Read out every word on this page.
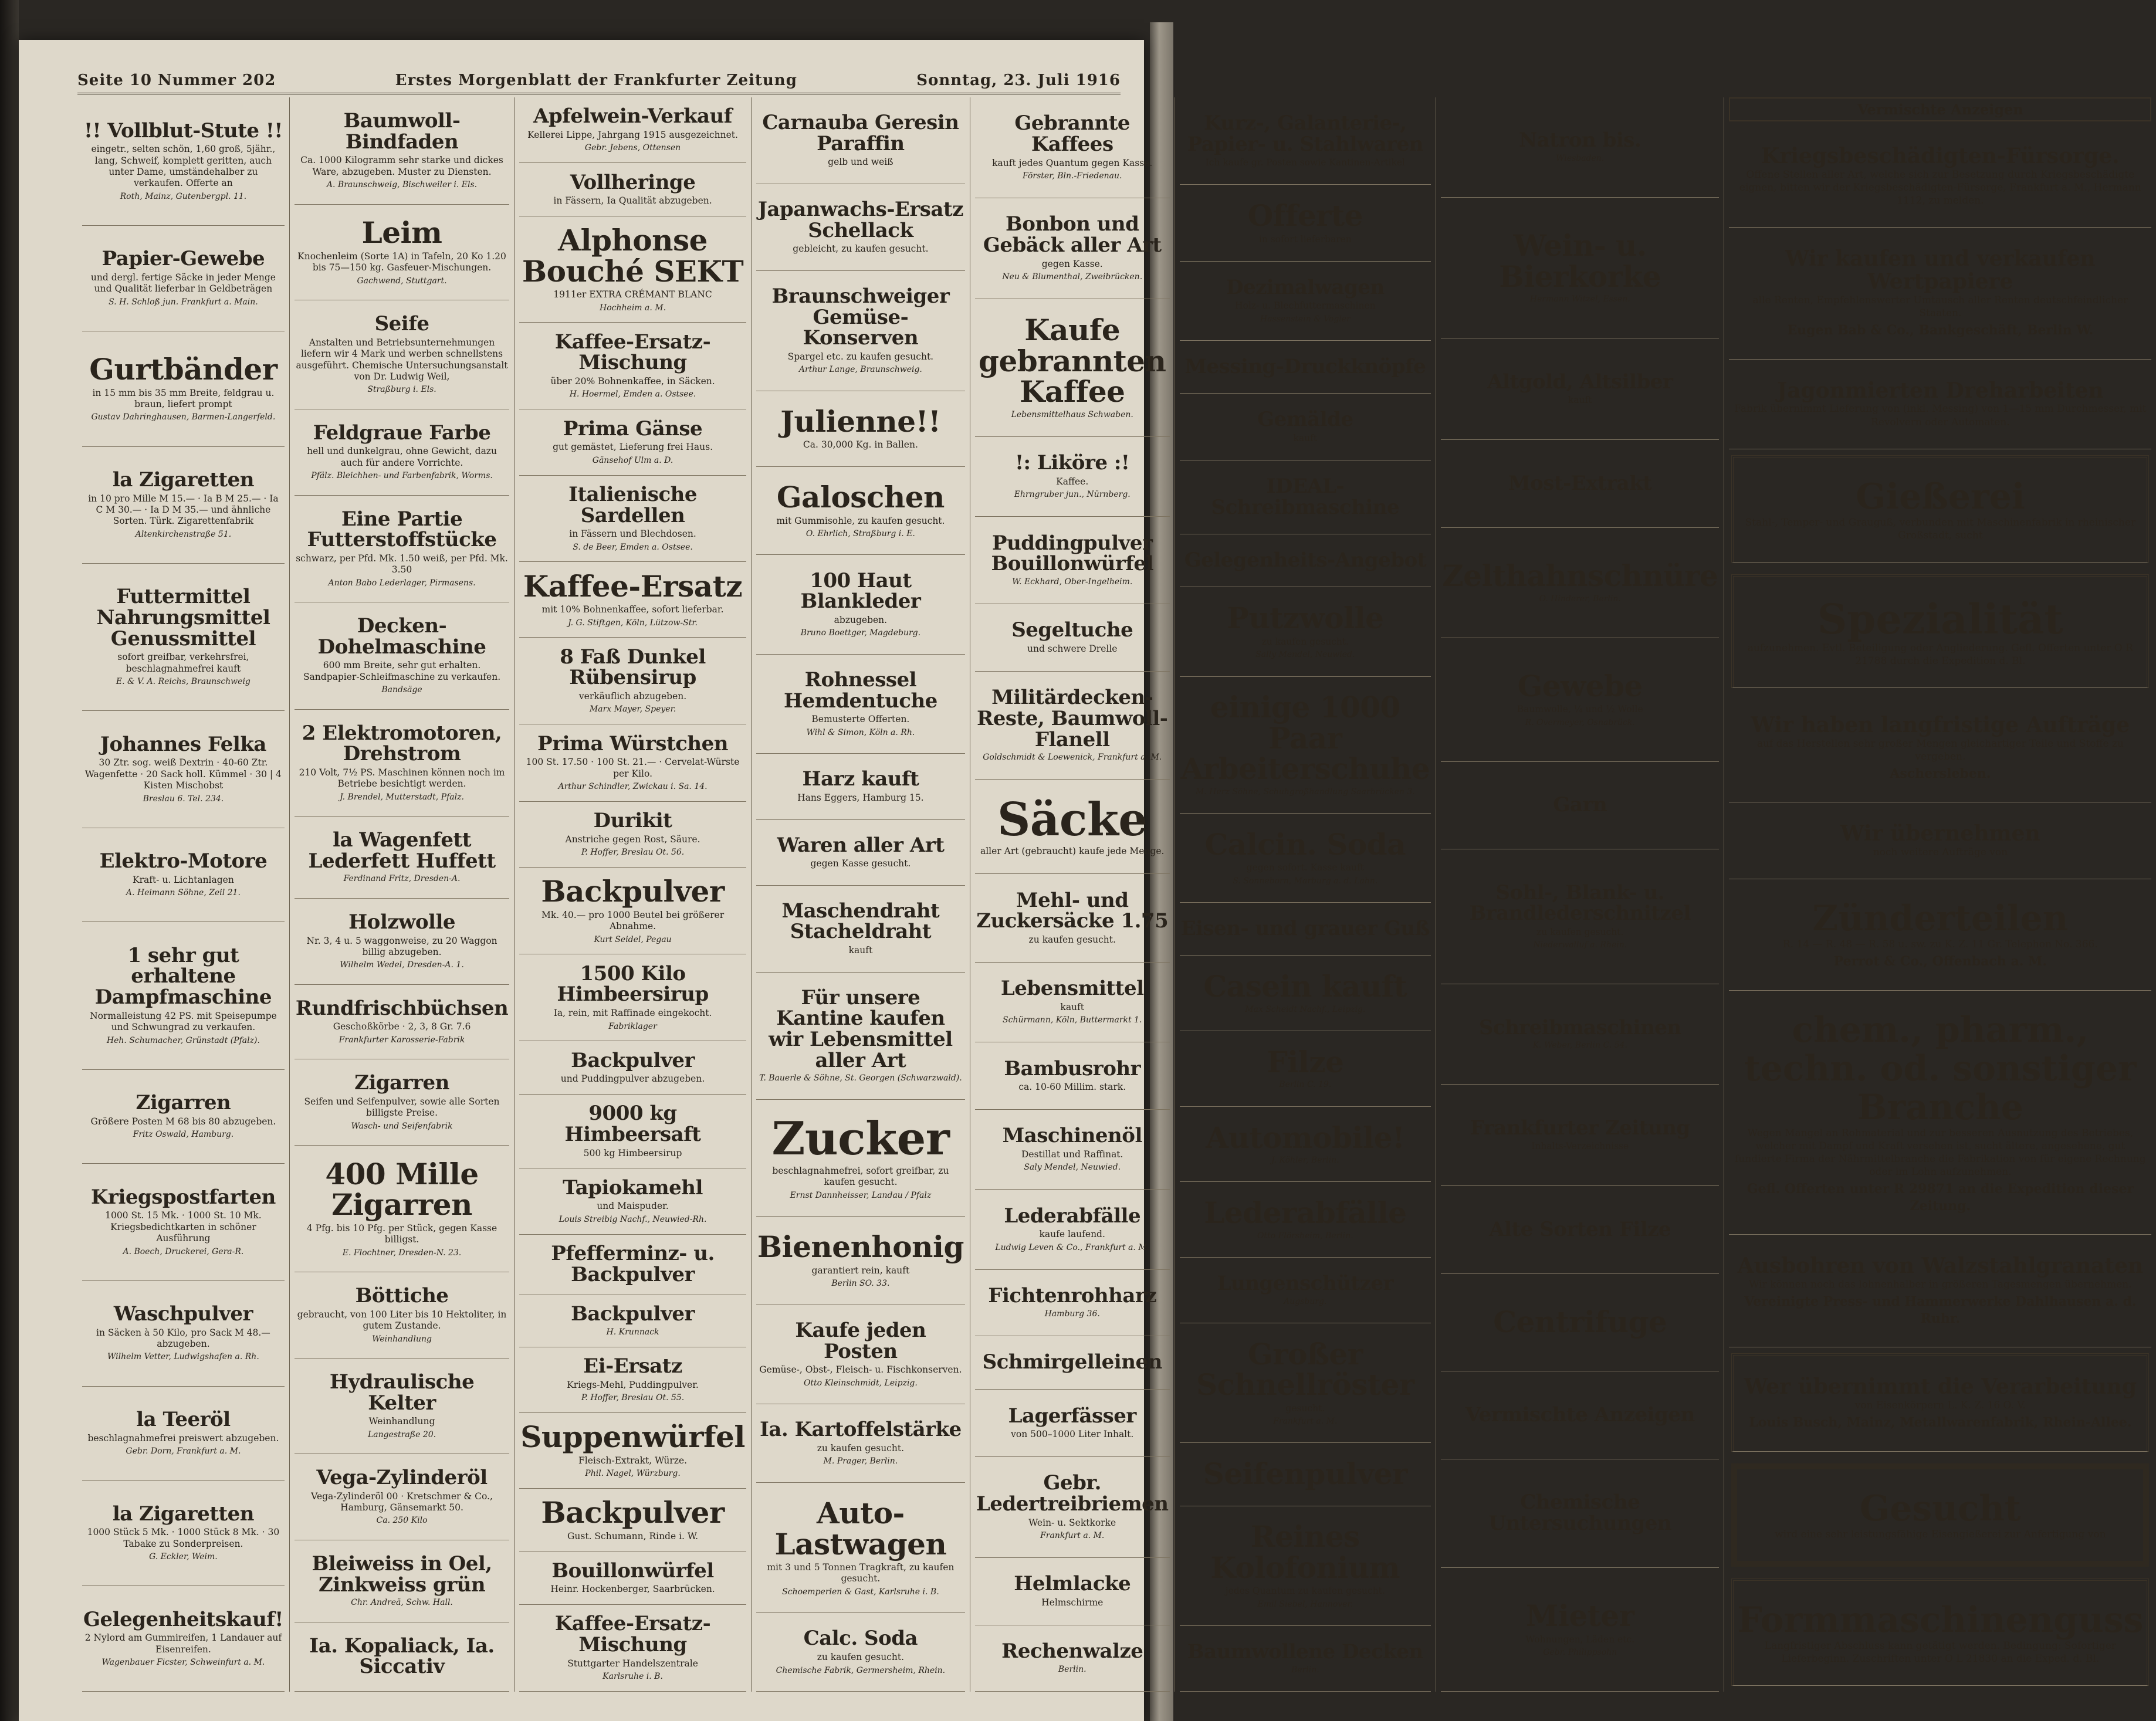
Seite 10 Nummer 202	Erstes Morgenblatt der Frankfurter Zeitung	Sonntag, 23. Juli 1916
!! Vollblut-Stute !!
eingetr., selten schön, 1,60 groß, 5jähr., lang, Schweif, komplett geritten, auch unter Dame, umständehalber zu verkaufen. Offerte an
Roth, Mainz, Gutenbergpl. 11.
Papier-Gewebe
und dergl. fertige Säcke in jeder Menge und Qualität lieferbar in Geldbeträgen
S. H. Schloß jun. Frankfurt a. Main.
Gurtbänder
in 15 mm bis 35 mm Breite, feldgrau u. braun, liefert prompt
Gustav Dahringhausen, Barmen-Langerfeld.
la Zigaretten
in 10 pro Mille M 15.— · Ia B M 25.— · Ia C M 30.— · Ia D M 35.— und ähnliche Sorten. Türk. Zigarettenfabrik
Altenkirchenstraße 51.
Futtermittel Nahrungsmittel Genussmittel
sofort greifbar, verkehrsfrei, beschlagnahmefrei kauft
E. & V. A. Reichs, Braunschweig
Johannes Felka
30 Ztr. sog. weiß Dextrin · 40-60 Ztr. Wagenfette · 20 Sack holl. Kümmel · 30 | 4 Kisten Mischobst
Breslau 6. Tel. 234.
Elektro-Motore
Kraft- u. Lichtanlagen
A. Heimann Söhne, Zeil 21.
1 sehr gut erhaltene Dampfmaschine
Normalleistung 42 PS. mit Speisepumpe und Schwungrad zu verkaufen.
Heh. Schumacher, Grünstadt (Pfalz).
Zigarren
Größere Posten M 68 bis 80 abzugeben.
Fritz Oswald, Hamburg.
Kriegspostfarten
1000 St. 15 Mk. · 1000 St. 10 Mk. Kriegsbedichtkarten in schöner Ausführung
A. Boech, Druckerei, Gera-R.
Waschpulver
in Säcken à 50 Kilo, pro Sack M 48.— abzugeben.
Wilhelm Vetter, Ludwigshafen a. Rh.
la Teeröl
beschlagnahmefrei preiswert abzugeben.
Gebr. Dorn, Frankfurt a. M.
la Zigaretten
1000 Stück 5 Mk. · 1000 Stück 8 Mk. · 30 Tabake zu Sonderpreisen.
G. Eckler, Weim.
Gelegenheitskauf!
2 Nylord am Gummireifen, 1 Landauer auf Eisenreifen.
Wagenbauer Ficster, Schweinfurt a. M.
Baumwoll-Bindfaden
Ca. 1000 Kilogramm sehr starke und dickes Ware, abzugeben. Muster zu Diensten.
A. Braunschweig, Bischweiler i. Els.
Leim
Knochenleim (Sorte 1A) in Tafeln, 20 Ko 1.20 bis 75—150 kg. Gasfeuer-Mischungen.
Gachwend, Stuttgart.
Seife
Anstalten und Betriebsunternehmungen liefern wir 4 Mark und werben schnellstens ausgeführt. Chemische Untersuchungsanstalt von Dr. Ludwig Weil,
Straßburg i. Els.
Feldgraue Farbe
hell und dunkelgrau, ohne Gewicht, dazu auch für andere Vorrichte.
Pfälz. Bleichhen- und Farbenfabrik, Worms.
Eine Partie Futterstoffstücke
schwarz, per Pfd. Mk. 1.50 weiß, per Pfd. Mk. 3.50
Anton Babo Lederlager, Pirmasens.
Decken-Dohelmaschine
600 mm Breite, sehr gut erhalten. Sandpapier-Schleifmaschine zu verkaufen.
Bandsäge
2 Elektromotoren, Drehstrom
210 Volt, 7½ PS. Maschinen können noch im Betriebe besichtigt werden.
J. Brendel, Mutterstadt, Pfalz.
la Wagenfett Lederfett Huffett
Ferdinand Fritz, Dresden-A.
Holzwolle
Nr. 3, 4 u. 5 waggonweise, zu 20 Waggon billig abzugeben.
Wilhelm Wedel, Dresden-A. 1.
Rundfrischbüchsen
Geschoßkörbe · 2, 3, 8 Gr. 7.6
Frankfurter Karosserie-Fabrik
Zigarren
Seifen und Seifenpulver, sowie alle Sorten billigste Preise.
Wasch- und Seifenfabrik
400 Mille Zigarren
4 Pfg. bis 10 Pfg. per Stück, gegen Kasse billigst.
E. Flochtner, Dresden-N. 23.
Böttiche
gebraucht, von 100 Liter bis 10 Hektoliter, in gutem Zustande.
Weinhandlung
Hydraulische Kelter
Weinhandlung
Langestraße 20.
Vega-Zylinderöl
Vega-Zylinderöl 00 · Kretschmer & Co., Hamburg, Gänsemarkt 50.
Ca. 250 Kilo
Bleiweiss in Oel, Zinkweiss grün
Chr. Andreä, Schw. Hall.
Ia. Kopaliack, Ia. Siccativ
Apfelwein-Verkauf
Kellerei Lippe, Jahrgang 1915 ausgezeichnet.
Gebr. Jebens, Ottensen
Vollheringe
in Fässern, Ia Qualität abzugeben.
Alphonse Bouché SEKT
1911er EXTRA CRÉMANT BLANC
Hochheim a. M.
Kaffee-Ersatz-Mischung
über 20% Bohnenkaffee, in Säcken.
H. Hoermel, Emden a. Ostsee.
Prima Gänse
gut gemästet, Lieferung frei Haus.
Gänsehof Ulm a. D.
Italienische Sardellen
in Fässern und Blechdosen.
S. de Beer, Emden a. Ostsee.
Kaffee-Ersatz
mit 10% Bohnenkaffee, sofort lieferbar.
J. G. Stiftgen, Köln, Lützow-Str.
8 Faß Dunkel Rübensirup
verkäuflich abzugeben.
Marx Mayer, Speyer.
Prima Würstchen
100 St. 17.50 · 100 St. 21.— · Cervelat-Würste per Kilo.
Arthur Schindler, Zwickau i. Sa. 14.
Durikit
Anstriche gegen Rost, Säure.
P. Hoffer, Breslau Ot. 56.
Backpulver
Mk. 40.— pro 1000 Beutel bei größerer Abnahme.
Kurt Seidel, Pegau
1500 Kilo Himbeersirup
Ia, rein, mit Raffinade eingekocht.
Fabriklager
Backpulver
und Puddingpulver abzugeben.
9000 kg Himbeersaft
500 kg Himbeersirup
Tapiokamehl
und Maispuder.
Louis Streibig Nachf., Neuwied-Rh.
Pfefferminz- u. Backpulver
Backpulver
H. Krunnack
Ei-Ersatz
Kriegs-Mehl, Puddingpulver.
P. Hoffer, Breslau Ot. 55.
Suppenwürfel
Fleisch-Extrakt, Würze.
Phil. Nagel, Würzburg.
Backpulver
Gust. Schumann, Rinde i. W.
Bouillonwürfel
Heinr. Hockenberger, Saarbrücken.
Kaffee-Ersatz-Mischung
Stuttgarter Handelszentrale
Karlsruhe i. B.
Carnauba Geresin Paraffin
gelb und weiß
Japanwachs-Ersatz Schellack
gebleicht, zu kaufen gesucht.
Braunschweiger Gemüse-Konserven
Spargel etc. zu kaufen gesucht.
Arthur Lange, Braunschweig.
Julienne!!
Ca. 30,000 Kg. in Ballen.
Galoschen
mit Gummisohle, zu kaufen gesucht.
O. Ehrlich, Straßburg i. E.
100 Haut Blankleder
abzugeben.
Bruno Boettger, Magdeburg.
Rohnessel Hemdentuche
Bemusterte Offerten.
Wihl & Simon, Köln a. Rh.
Harz kauft
Hans Eggers, Hamburg 15.
Waren aller Art
gegen Kasse gesucht.
Maschendraht Stacheldraht
kauft
Für unsere Kantine kaufen wir Lebensmittel aller Art
T. Bauerle & Söhne, St. Georgen (Schwarzwald).
Zucker
beschlagnahmefrei, sofort greifbar, zu kaufen gesucht.
Ernst Dannheisser, Landau / Pfalz
Bienenhonig
garantiert rein, kauft
Berlin SO. 33.
Kaufe jeden Posten
Gemüse-, Obst-, Fleisch- u. Fischkonserven.
Otto Kleinschmidt, Leipzig.
Ia. Kartoffelstärke
zu kaufen gesucht.
M. Prager, Berlin.
Auto-Lastwagen
mit 3 und 5 Tonnen Tragkraft, zu kaufen gesucht.
Schoemperlen & Gast, Karlsruhe i. B.
Calc. Soda
zu kaufen gesucht.
Chemische Fabrik, Germersheim, Rhein.
Gebrannte Kaffees
kauft jedes Quantum gegen Kasse.
Förster, Bln.-Friedenau.
Bonbon und Gebäck aller Art
gegen Kasse.
Neu & Blumenthal, Zweibrücken.
Kaufe gebrannten Kaffee
Lebensmittelhaus Schwaben.
!: Liköre :!
Kaffee.
Ehrngruber jun., Nürnberg.
Puddingpulver Bouillonwürfel
W. Eckhard, Ober-Ingelheim.
Segeltuche
und schwere Drelle
Militärdecken-Reste, Baumwoll-Flanell
Goldschmidt & Loewenick, Frankfurt a. M.
Säcke
aller Art (gebraucht) kaufe jede Menge.
Mehl- und Zuckersäcke 1.75
zu kaufen gesucht.
Lebensmittel
kauft
Schürmann, Köln, Buttermarkt 1.
Bambusrohr
ca. 10-60 Millim. stark.
Maschinenöl
Destillat und Raffinat.
Saly Mendel, Neuwied.
Lederabfälle
kaufe laufend.
Ludwig Leven & Co., Frankfurt a. M.
Fichtenrohharz
Hamburg 36.
Schmirgelleinen
Lagerfässer
von 500–1000 Liter Inhalt.
Gebr. Ledertreibriemen
Wein- u. Sektkorke
Frankfurt a. M.
Helmlacke
Helmschirme
Rechenwalze
Berlin.
Kurz-, Galanterie-, Papier- u. Stahlwaren
Ich kaufe gr. Posten sowie Kantinen-Artikel
Offerte
in sofort lieferbaren
Dezimalwagen
Holz- u. Blechfuttermaschinen
Hassenstein & Vogler
Messing-Druckknöpfe
Gemälde
kauft
IDEAL-Schreibmaschine
Gelegenheits-Angebot
Putzwolle
zu kaufen gesucht.
Sally Mendel, Neuwied.
einige 1000 Paar Arbeiterschuhe
M. Herz Söhne, Schuhgroßhandlung Saarbrücken 3.
Calcin. Soda
gegen sofort. Kasse kauft
S. Sonneborn, Marburg a. d. Lahn.
Eisen- und grauer Guß
Casein kauft
Max Scheidt Nachf., Leipzig.
Filze
Berlin C. 19.
Automobile!
J. Köhler, Berlin.
Lederabfälle
Otto Flörsheim, Berlin.
Lungenschützer
Augsburg.
Großer Schnellröster
gesucht.
Frankfurt a. M.
Seifenpulver
Reines Kolofonium
jedes Quantum zu kaufen gesucht.
Emil Siebel, Hannover.
Baumwollene Decken
Berlin.
Natron bis.
Wiesbaden.
Wein- u. Bierkorke
Hermann Witzel, Essen.
Altgold, Altsilber
kauft
Most-Extrakt
Zelthahnschnüre
O. Hinderer, Berlin.
Gewebe
Baumwolle, ¼ und ½ Wolle
R. Overmeyer, Osnabrück.
Garn
Sohl-, Blank- u. Brandlederschnitzel
zu kaufen gesucht.
Niederwalluf a. Rhein.
Schreibmaschinen
K. Weber, Berlin C. 54.
Frankfurter Zeitung
Inhalts-Verzeichnisse
Alte Sorten Filze
Centrifuge
Vermischte Anzeigen
Chemische Untersuchungen
Mieter
Wohnungen, Läden etc.
Gebr. Philippsohn
Vermischte Anzeigen
Kriegsbeschädigten-Fürsorge.
Offene Stellen aller Art, welche sich zur Besetzung durch Kriegsbeschädigte eignen, bitten wir der Kriegsbeschädigten-Fürsorge, Frankfurt a. M., Hermann 1112, zu melden.
Wir kaufen und verkaufen Wertpapiere
alle Renten, Empfehlenswerter Umtausch aller Renten deutschfeindlicher Staaten.
Eugen Bab & Co., Bankgeschäft, Berlin W.
Jagonmierten Dreharbeiten
Fabrik übernimmt Lieferung von (inkl. Messing) von 1—15 mm Durchmesser, mit Revolvern oder Automaten.
Gießerei
Stahl-, Temper- und Grauguß, verbunden mit Maschinenfabrik in rheinischer Großstadt, sucht
Spezialität
aufzunehmen. Evtl. Beteiligung oder Angliederung. Gefl. Offerten unter O R 21788 durch die Expedition d. Bl.
Wir haben langfristige Aufträge
auf das Herstellen sehr großer Mengen gleichartiger Teile und Stoffe zu vergeben.
Aschersleben.
Wir übernehmen
noch weitere Aufträge von
Zünderteilen
R. 14 — R. 48 — R. 58 u. sw. zu K. Z. 11 Gr. Telephon No. 366.
Perrot & Co., Offenbach a. M.
chem., pharm., techn. od. sonstiger Branche
Wegen Mangel an Rohmaterial und zur besseren Ausnutzung des Betriebes, welcher mit Dampf und Kraft versehen ist, sucht ältere, angesehene, gut fundierte Firma der Nährmittelbranche die Fabrikation von für eigene Rechnung oder im Lohn aufzunehmen.
Gefl. Offerten unter R 29871 an die Expedition dieser Zeitung.
Ausbohren von Walzstahlgranaten
Wir können noch das lohnenhalber in größeren Tagesmengen übernehmen.
Vereinigte Press- und Hammerwerke Dahlhausen a. d. Ruhr.
Wer übernimmt die Verarbeitung
von Eisenkörpern L. K. Z. 16 O. V.
Louis Busch, Mainz, Metallwarenfabrik, Rhein-Allee.
Gesucht
wird eine sehr leistungsfähige Eisengießerei zur Anfertigung von
Formmaschinenguss
Langfristiger Abschluss kann getätigt werden. Bedingung: Sofortiger Lieferbeginn. Zuschriften unter O L 21830 an die Exped. d. Bl.
